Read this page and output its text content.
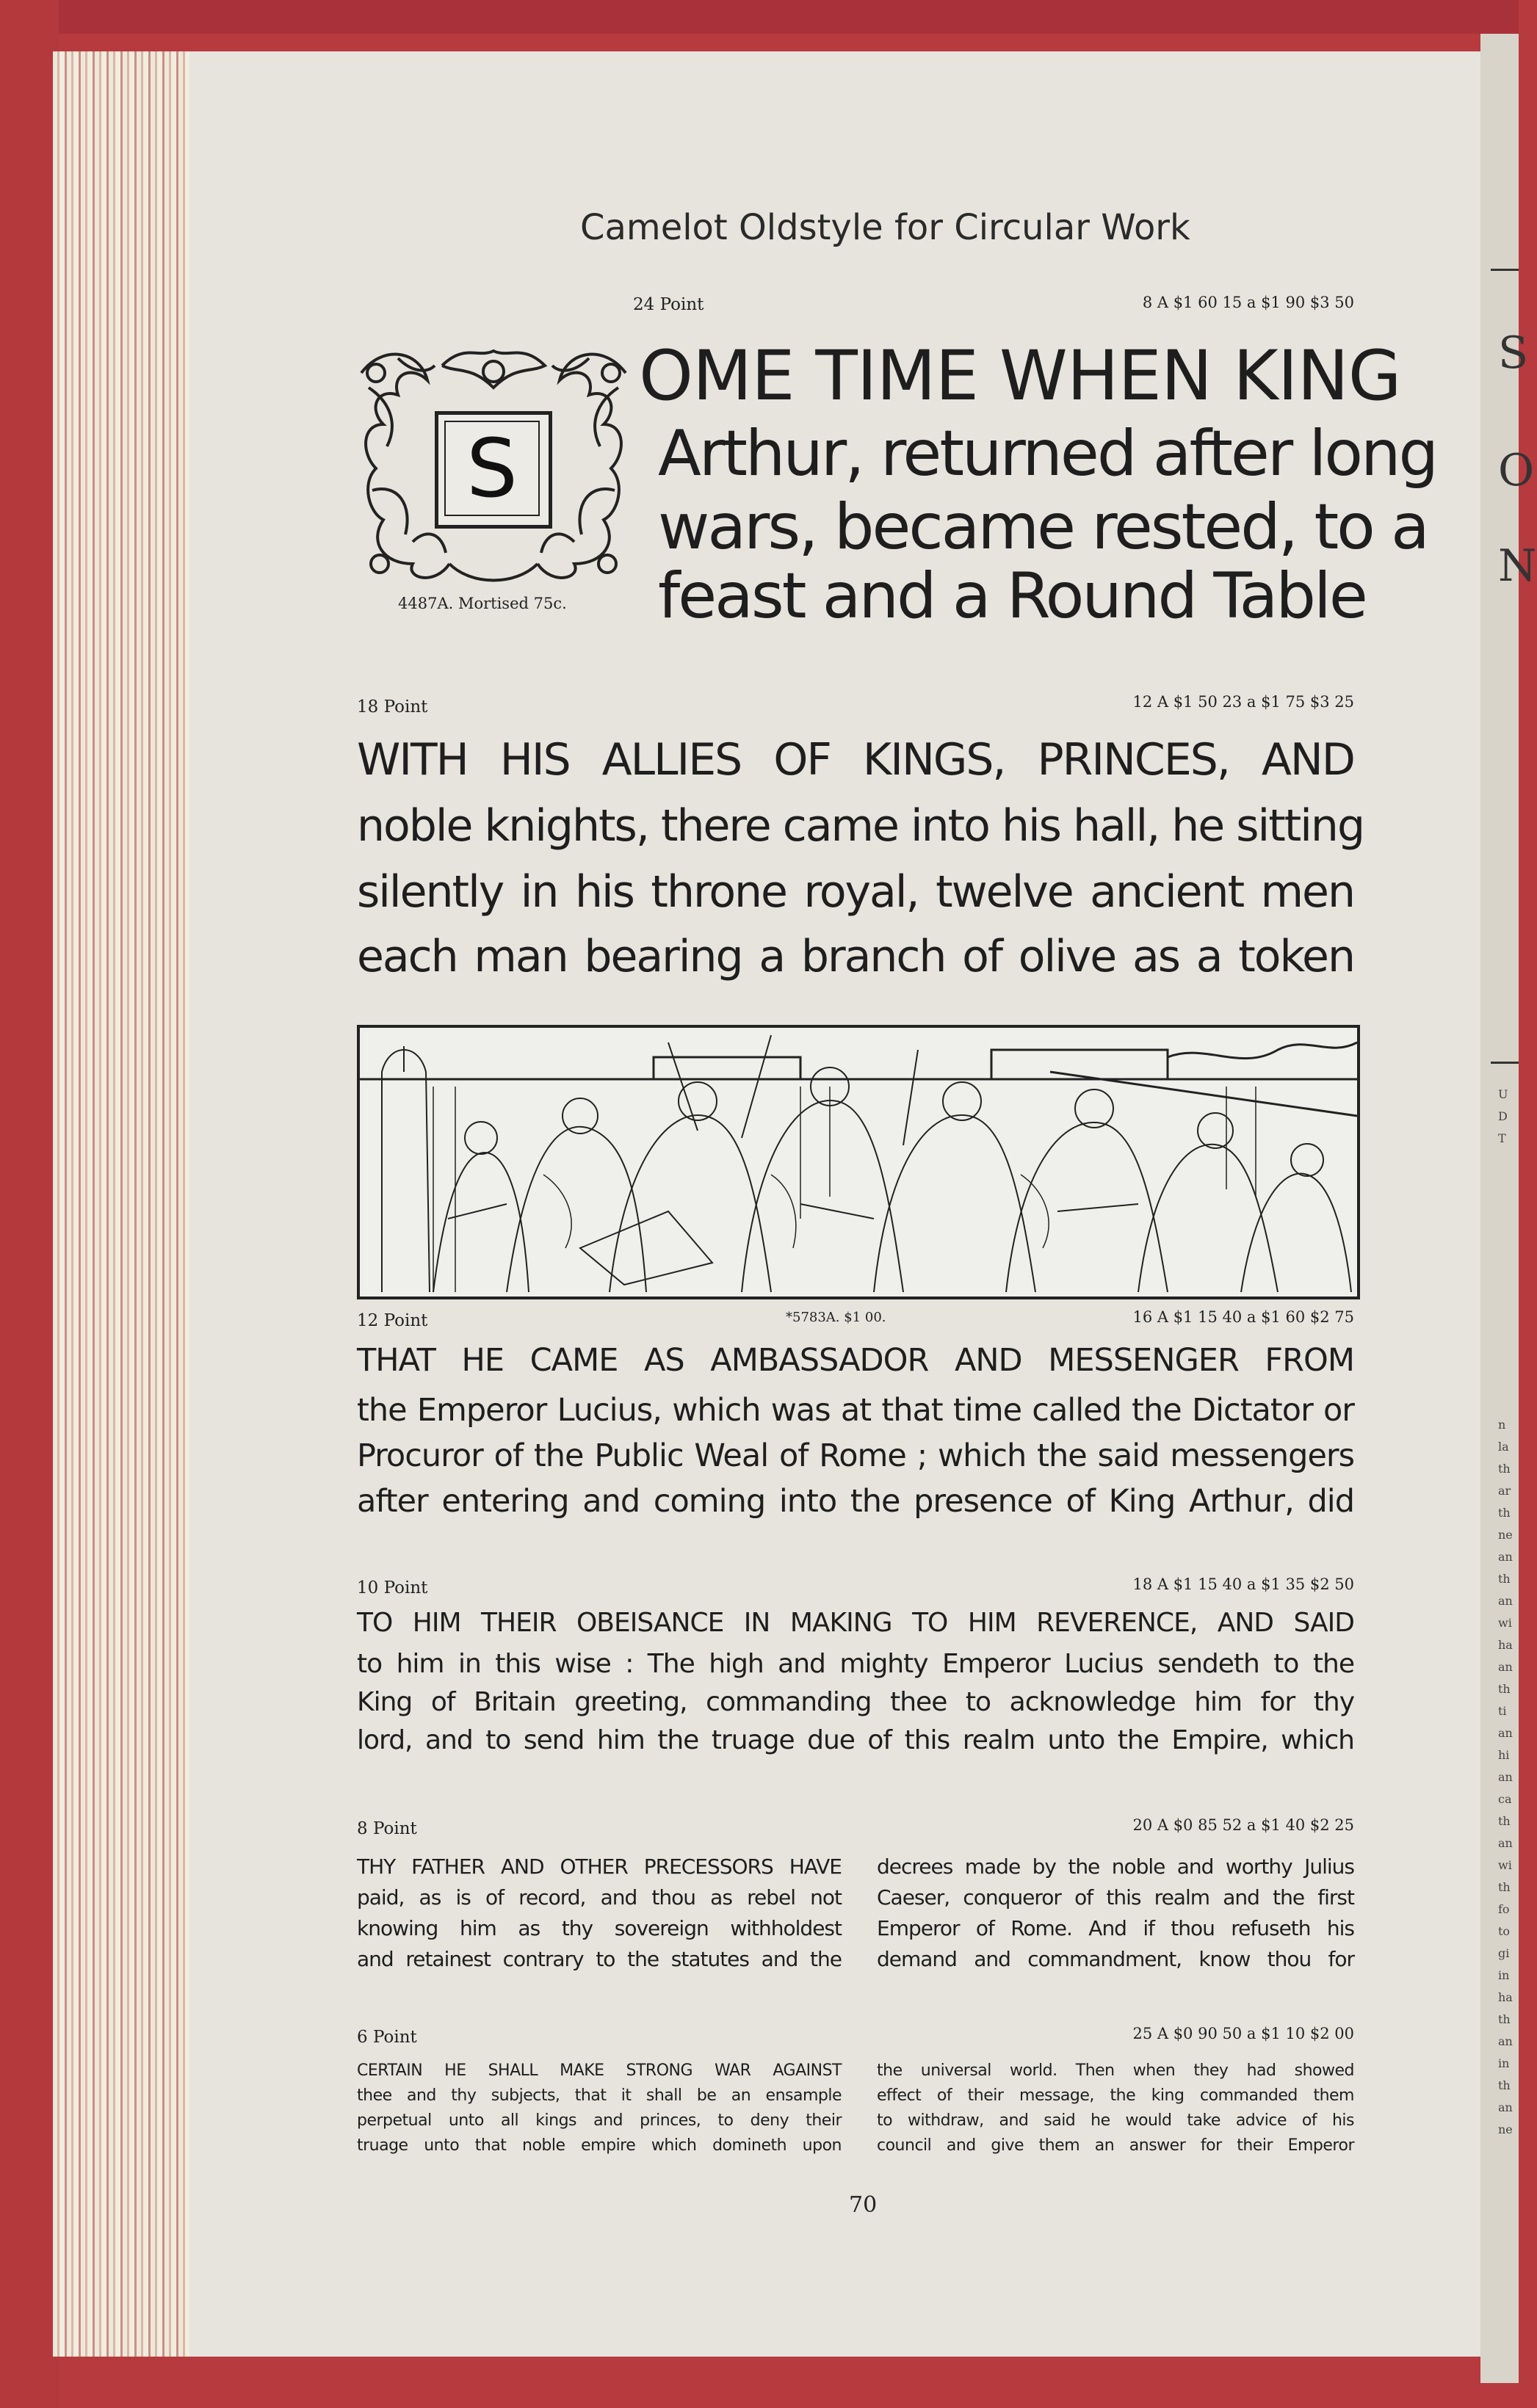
S
O
N
U
D
T
n
la
th
ar
th
ne
an
th
an
wi
ha
an
th
ti
an
hi
an
ca
th
an
wi
th
fo
to
gi
in
ha
th
an
in
th
an
ne
Camelot Oldstyle for Circular Work
24 Point	8 A $1 60 15 a $1 90 $3 50
S
4487A. Mortised 75c.
OME TIME WHEN KING
Arthur, returned after long
wars, became rested, to a
feast and a Round Table
18 Point	12 A $1 50 23 a $1 75 $3 25
WITH HIS ALLIES OF KINGS, PRINCES, AND
noble knights, there came into his hall, he sitting
silently in his throne royal, twelve ancient men
each man bearing a branch of olive as a token
12 Point	*5783A. $1 00.	16 A $1 15 40 a $1 60 $2 75
THAT HE CAME AS AMBASSADOR AND MESSENGER FROM
the Emperor Lucius, which was at that time called the Dictator or
Procuror of the Public Weal of Rome ; which the said messengers
after entering and coming into the presence of King Arthur, did
10 Point	18 A $1 15 40 a $1 35 $2 50
TO HIM THEIR OBEISANCE IN MAKING TO HIM REVERENCE, AND SAID
to him in this wise : The high and mighty Emperor Lucius sendeth to the
King of Britain greeting, commanding thee to acknowledge him for thy
lord, and to send him the truage due of this realm unto the Empire, which
8 Point	20 A $0 85 52 a $1 40 $2 25
THY FATHER AND OTHER PRECESSORS HAVE
paid, as is of record, and thou as rebel not
knowing him as thy sovereign withholdest
and retainest contrary to the statutes and the
decrees made by the noble and worthy Julius
Caeser, conqueror of this realm and the first
Emperor of Rome. And if thou refuseth his
demand and commandment, know thou for
6 Point	25 A $0 90 50 a $1 10 $2 00
CERTAIN HE SHALL MAKE STRONG WAR AGAINST
thee and thy subjects, that it shall be an ensample
perpetual unto all kings and princes, to deny their
truage unto that noble empire which domineth upon
the universal world. Then when they had showed
effect of their message, the king commanded them
to withdraw, and said he would take advice of his
council and give them an answer for their Emperor
70
